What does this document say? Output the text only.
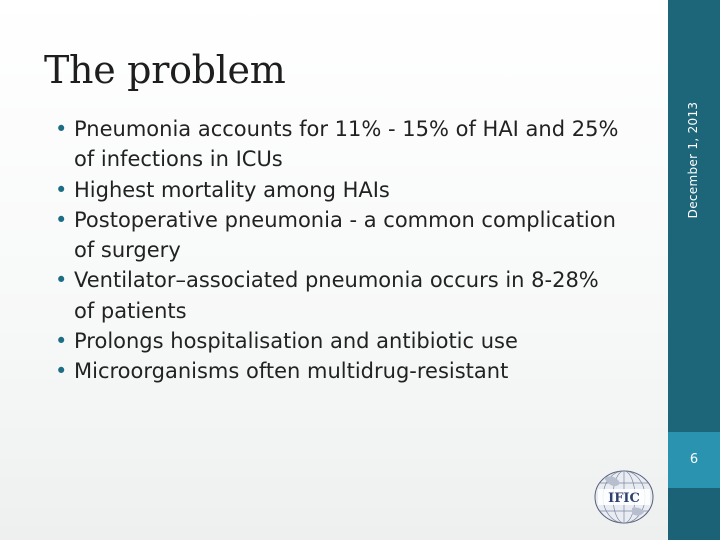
The problem
• Pneumonia accounts for 11% - 15% of HAI and 25% of infections in ICUs
• Highest mortality among HAIs
• Postoperative pneumonia - a common complication of surgery
• Ventilator–associated pneumonia occurs in 8-28% of patients
• Prolongs hospitalisation and antibiotic use
• Microorganisms often multidrug-resistant
December 1, 2013
6
IFIC
